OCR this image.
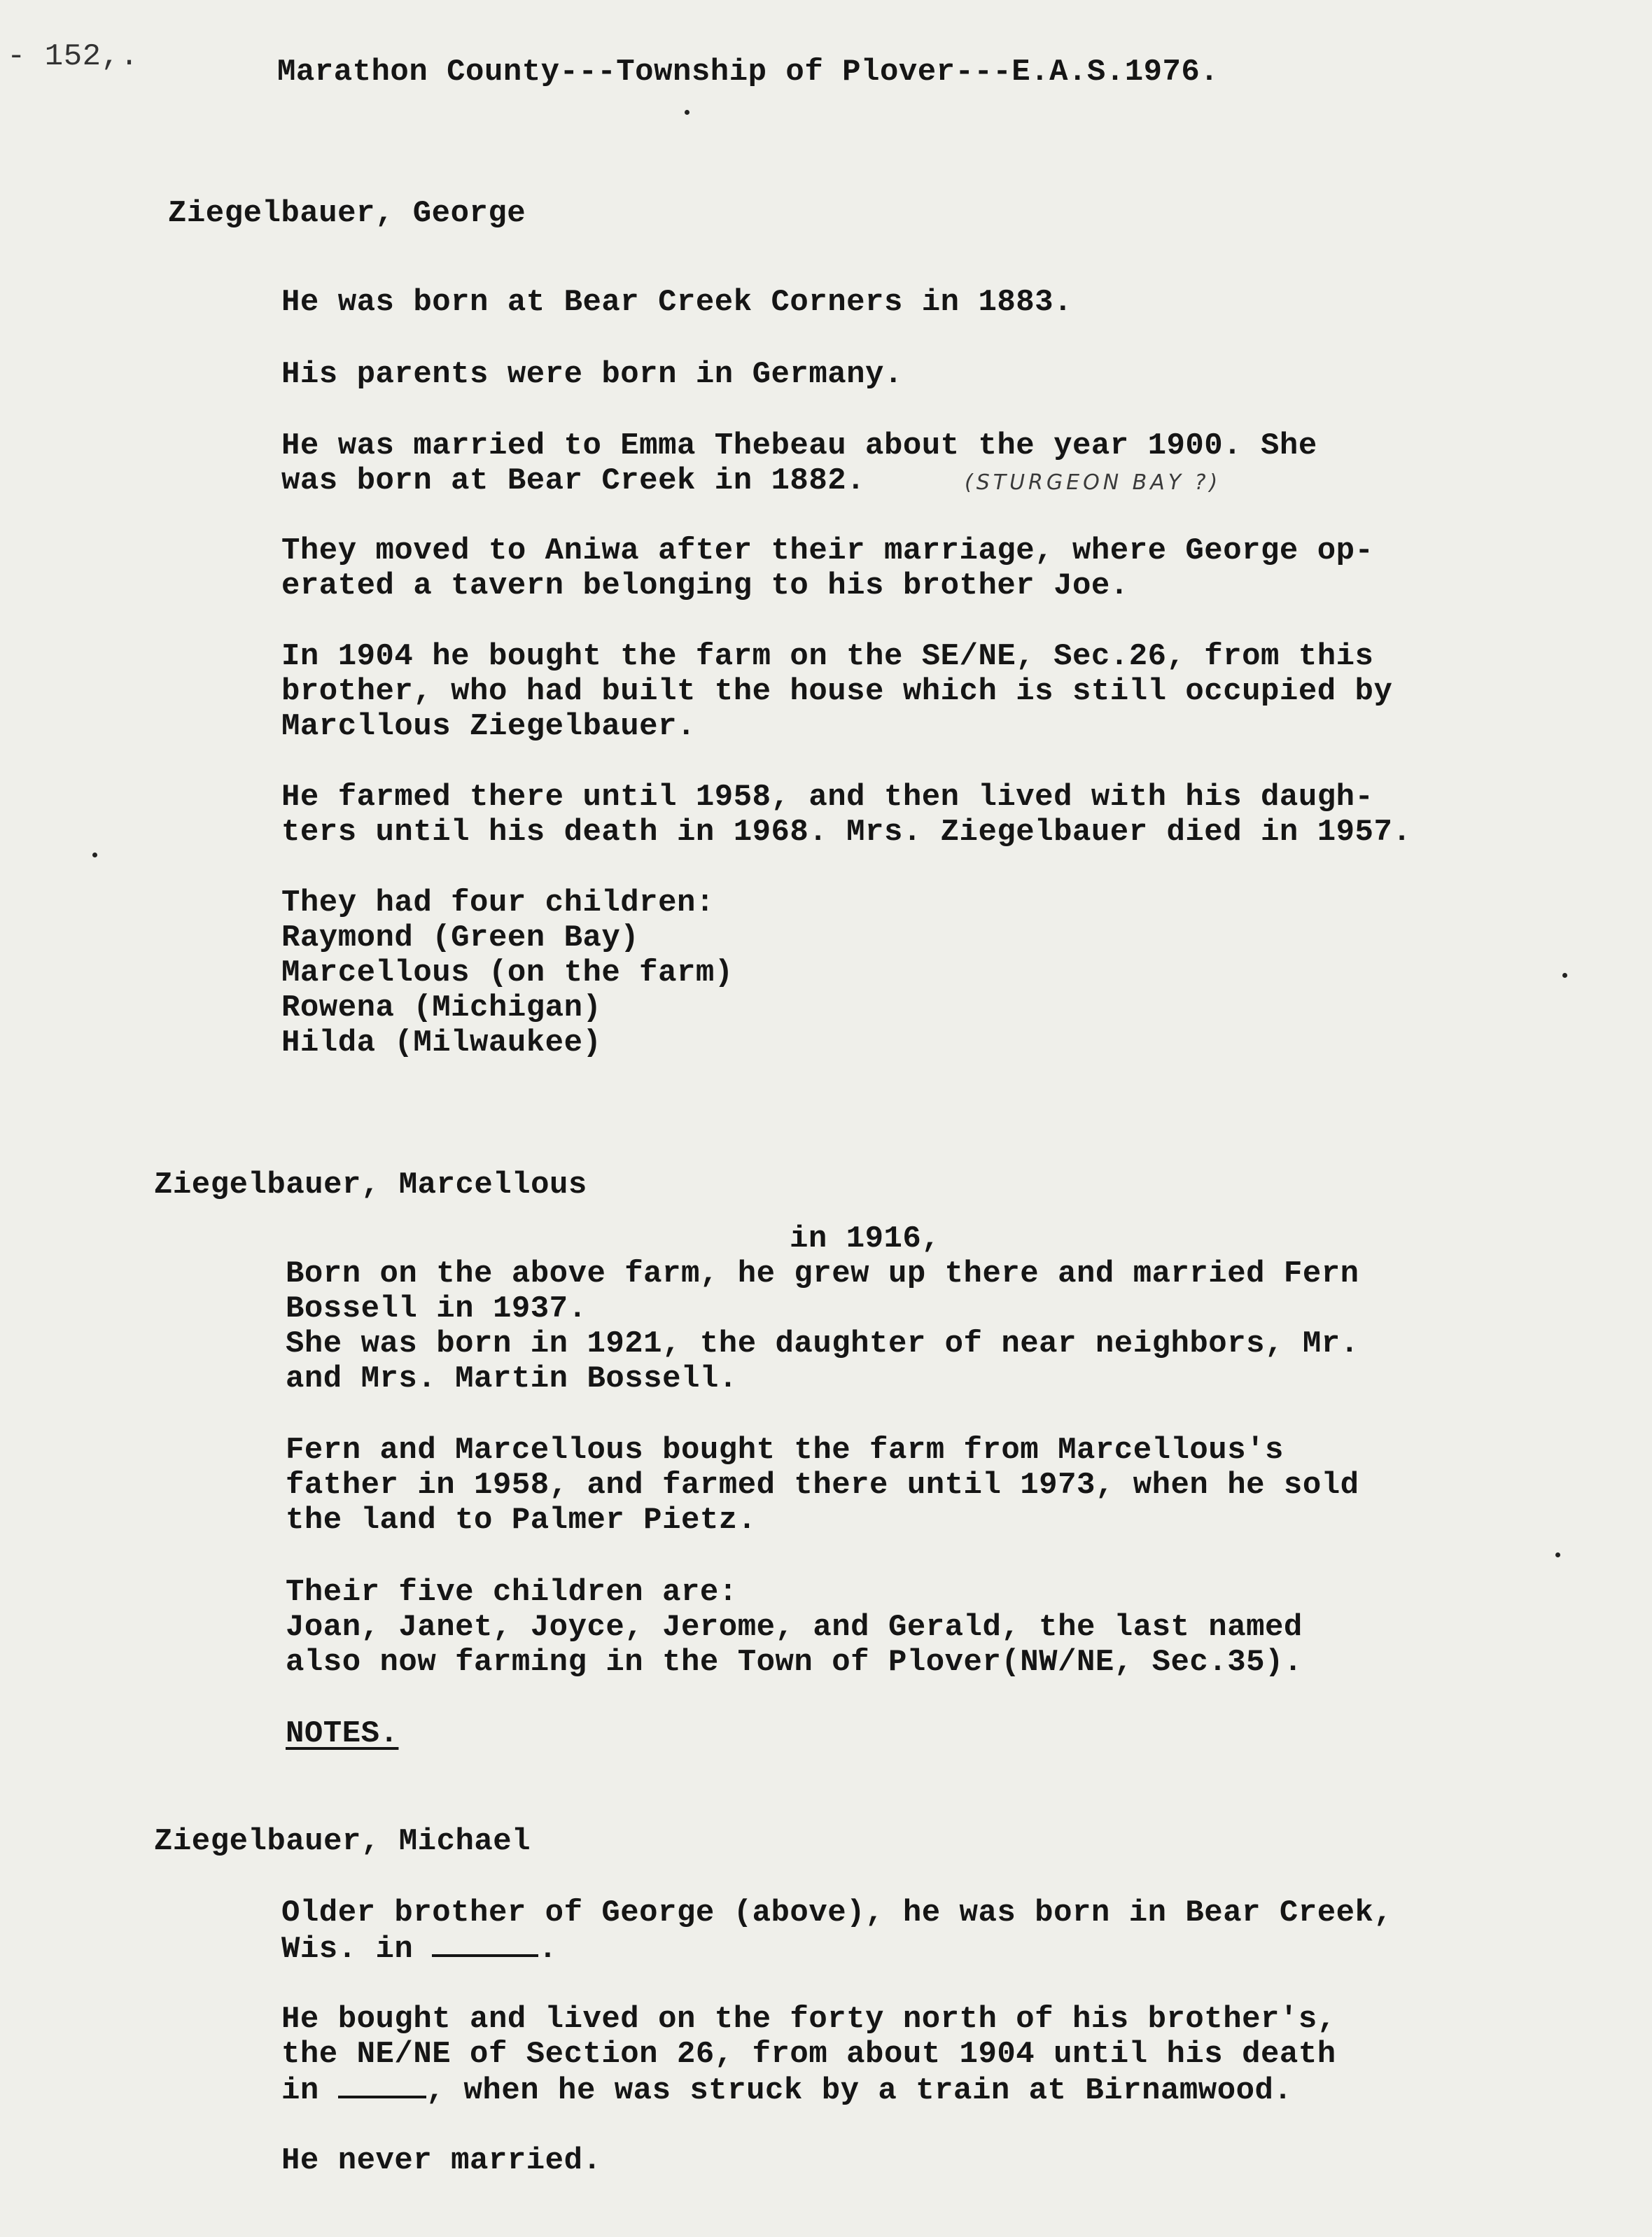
- 152,.	Marathon County---Township of Plover---E.A.S.1976.
Ziegelbauer, George
He was born at Bear Creek Corners in 1883.
His parents were born in Germany.
He was married to Emma Thebeau about the year 1900. She
was born at Bear Creek in 1882.	(STURGEON BAY ?)
They moved to Aniwa after their marriage, where George op-
erated a tavern belonging to his brother Joe.
In 1904 he bought the farm on the SE/NE, Sec.26, from this
brother, who had built the house which is still occupied by
Marcllous Ziegelbauer.
He farmed there until 1958, and then lived with his daugh-
ters until his death in 1968. Mrs. Ziegelbauer died in 1957.
They had four children:
Raymond (Green Bay)
Marcellous (on the farm)
Rowena (Michigan)
Hilda (Milwaukee)
Ziegelbauer, Marcellous
in 1916,
Born on the above farm, he grew up there and married Fern
Bossell in 1937.
She was born in 1921, the daughter of near neighbors, Mr.
and Mrs. Martin Bossell.
Fern and Marcellous bought the farm from Marcellous's
father in 1958, and farmed there until 1973, when he sold
the land to Palmer Pietz.
Their five children are:
Joan, Janet, Joyce, Jerome, and Gerald, the last named
also now farming in the Town of Plover(NW/NE, Sec.35).
NOTES.
Ziegelbauer, Michael
Older brother of George (above), he was born in Bear Creek,
Wis. in	.
He bought and lived on the forty north of his brother's,
the NE/NE of Section 26, from about 1904 until his death
in	, when he was struck by a train at Birnamwood.
He never married.
